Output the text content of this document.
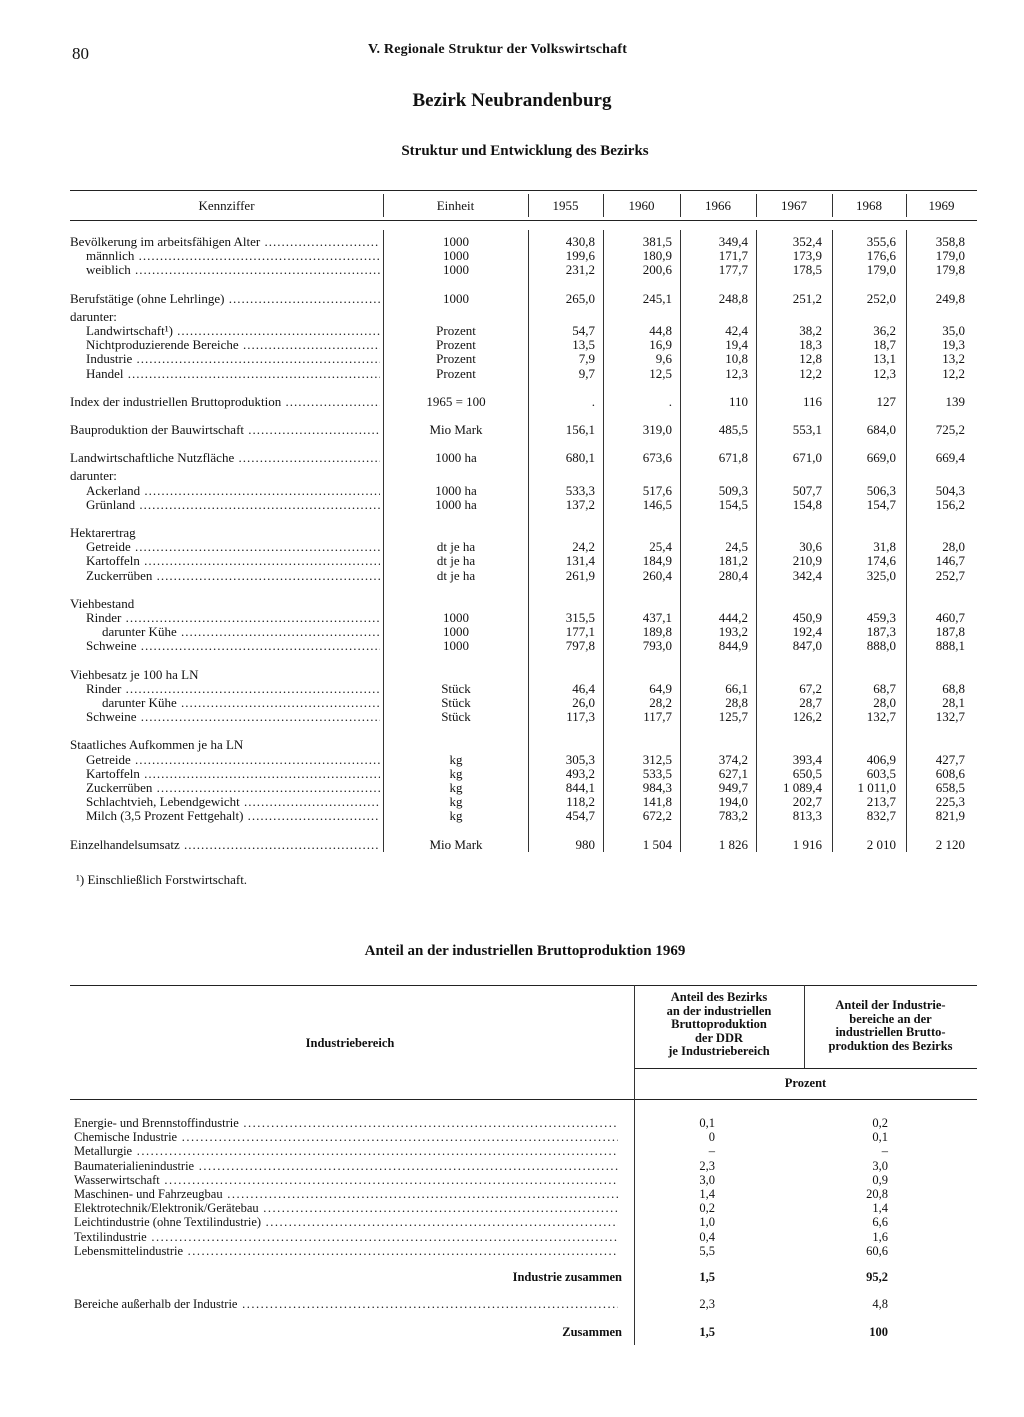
80	V. Regionale Struktur der Volkswirtschaft
Bezirk Neubrandenburg
Struktur und Entwicklung des Bezirks
Kennziffer	Einheit	1955	1960	1966	1967	1968	1969
Bevölkerung im arbeitsfähigen Alter .....	1000	430,8	381,5	349,4	352,4	355,6	358,8
männlich .....	1000	199,6	180,9	171,7	173,9	176,6	179,0
weiblich .....	1000	231,2	200,6	177,7	178,5	179,0	179,8
Berufstätige (ohne Lehrlinge) .....	1000	265,0	245,1	248,8	251,2	252,0	249,8
darunter:
Landwirtschaft¹) .....	Prozent	54,7	44,8	42,4	38,2	36,2	35,0
Nichtproduzierende Bereiche .....	Prozent	13,5	16,9	19,4	18,3	18,7	19,3
Industrie .....	Prozent	7,9	9,6	10,8	12,8	13,1	13,2
Handel .....	Prozent	9,7	12,5	12,3	12,2	12,3	12,2
Index der industriellen Bruttoproduktion .....	1965 = 100	.	.	110	116	127	139
Bauproduktion der Bauwirtschaft .....	Mio Mark	156,1	319,0	485,5	553,1	684,0	725,2
Landwirtschaftliche Nutzfläche .....	1000 ha	680,1	673,6	671,8	671,0	669,0	669,4
darunter:
Ackerland .....	1000 ha	533,3	517,6	509,3	507,7	506,3	504,3
Grünland .....	1000 ha	137,2	146,5	154,5	154,8	154,7	156,2
Hektarertrag
Getreide .....	dt je ha	24,2	25,4	24,5	30,6	31,8	28,0
Kartoffeln .....	dt je ha	131,4	184,9	181,2	210,9	174,6	146,7
Zuckerrüben .....	dt je ha	261,9	260,4	280,4	342,4	325,0	252,7
Viehbestand
Rinder .....	1000	315,5	437,1	444,2	450,9	459,3	460,7
darunter Kühe .....	1000	177,1	189,8	193,2	192,4	187,3	187,8
Schweine .....	1000	797,8	793,0	844,9	847,0	888,0	888,1
Viehbesatz je 100 ha LN
Rinder .....	Stück	46,4	64,9	66,1	67,2	68,7	68,8
darunter Kühe .....	Stück	26,0	28,2	28,8	28,7	28,0	28,1
Schweine .....	Stück	117,3	117,7	125,7	126,2	132,7	132,7
Staatliches Aufkommen je ha LN
Getreide .....	kg	305,3	312,5	374,2	393,4	406,9	427,7
Kartoffeln .....	kg	493,2	533,5	627,1	650,5	603,5	608,6
Zuckerrüben .....	kg	844,1	984,3	949,7	1 089,4	1 011,0	658,5
Schlachtvieh, Lebendgewicht .....	kg	118,2	141,8	194,0	202,7	213,7	225,3
Milch (3,5 Prozent Fettgehalt) .....	kg	454,7	672,2	783,2	813,3	832,7	821,9
Einzelhandelsumsatz .....	Mio Mark	980	1 504	1 826	1 916	2 010	2 120
¹) Einschließlich Forstwirtschaft.
Anteil an der industriellen Bruttoproduktion 1969
Industriebereich
Anteil des Bezirks
an der industriellen
Bruttoproduktion
der DDR
je Industriebereich
Anteil der Industrie-
bereiche an der
industriellen Brutto-
produktion des Bezirks
Prozent
Energie- und Brennstoffindustrie .....	0,1	0,2
Chemische Industrie .....	0	0,1
Metallurgie .....	–	–
Baumaterialienindustrie .....	2,3	3,0
Wasserwirtschaft .....	3,0	0,9
Maschinen- und Fahrzeugbau .....	1,4	20,8
Elektrotechnik/Elektronik/Gerätebau .....	0,2	1,4
Leichtindustrie (ohne Textilindustrie) .....	1,0	6,6
Textilindustrie .....	0,4	1,6
Lebensmittelindustrie .....	5,5	60,6
Industrie zusammen	1,5	95,2
Bereiche außerhalb der Industrie .....	2,3	4,8
Zusammen	1,5	100
